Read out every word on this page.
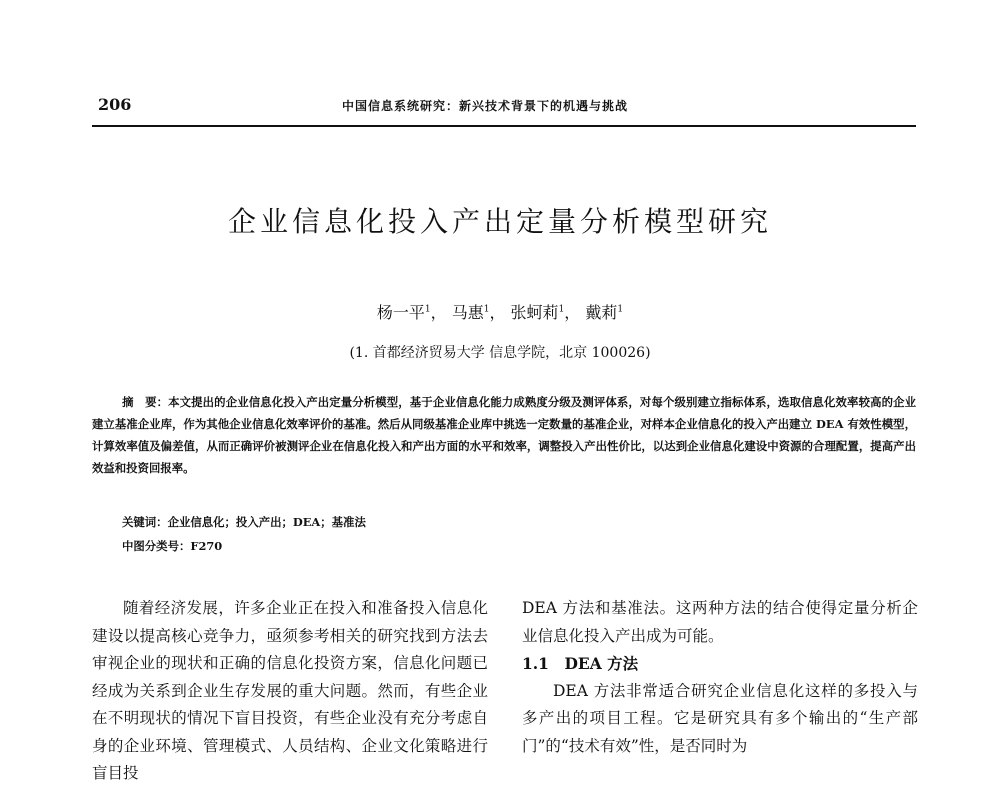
206	中国信息系统研究：新兴技术背景下的机遇与挑战
企业信息化投入产出定量分析模型研究
杨一平$^1$， 马惠$^1$， 张蚵莉$^1$， 戴莉$^1$
(1. 首都经济贸易大学 信息学院，北京 100026)
摘　要：本文提出的企业信息化投入产出定量分析模型，基于企业信息化能力成熟度分级及测评体系，对每个级别建立指标体系，选取信息化效率较高的企业建立基准企业库，作为其他企业信息化效率评价的基准。然后从同级基准企业库中挑选一定数量的基准企业，对样本企业信息化的投入产出建立 DEA 有效性模型，计算效率值及偏差值，从而正确评价被测评企业在信息化投入和产出方面的水平和效率，调整投入产出性价比，以达到企业信息化建设中资源的合理配置，提高产出效益和投资回报率。
关键词：企业信息化；投入产出；DEA；基准法
中图分类号：F270

随着经济发展，许多企业正在投入和准备投入信息化建设以提高核心竞争力，亟须参考相关的研究找到方法去审视企业的现状和正确的信息化投资方案，信息化问题已经成为关系到企业生存发展的重大问题。然而，有些企业在不明现状的情况下盲目投资，有些企业没有充分考虑自身的企业环境、管理模式、人员结构、企业文化策略进行盲目投

DEA 方法和基准法。这两种方法的结合使得定量分析企业信息化投入产出成为可能。

1.1　DEA 方法

DEA 方法非常适合研究企业信息化这样的多投入与多产出的项目工程。它是研究具有多个输出的“生产部门”的“技术有效”性，是否同时为
